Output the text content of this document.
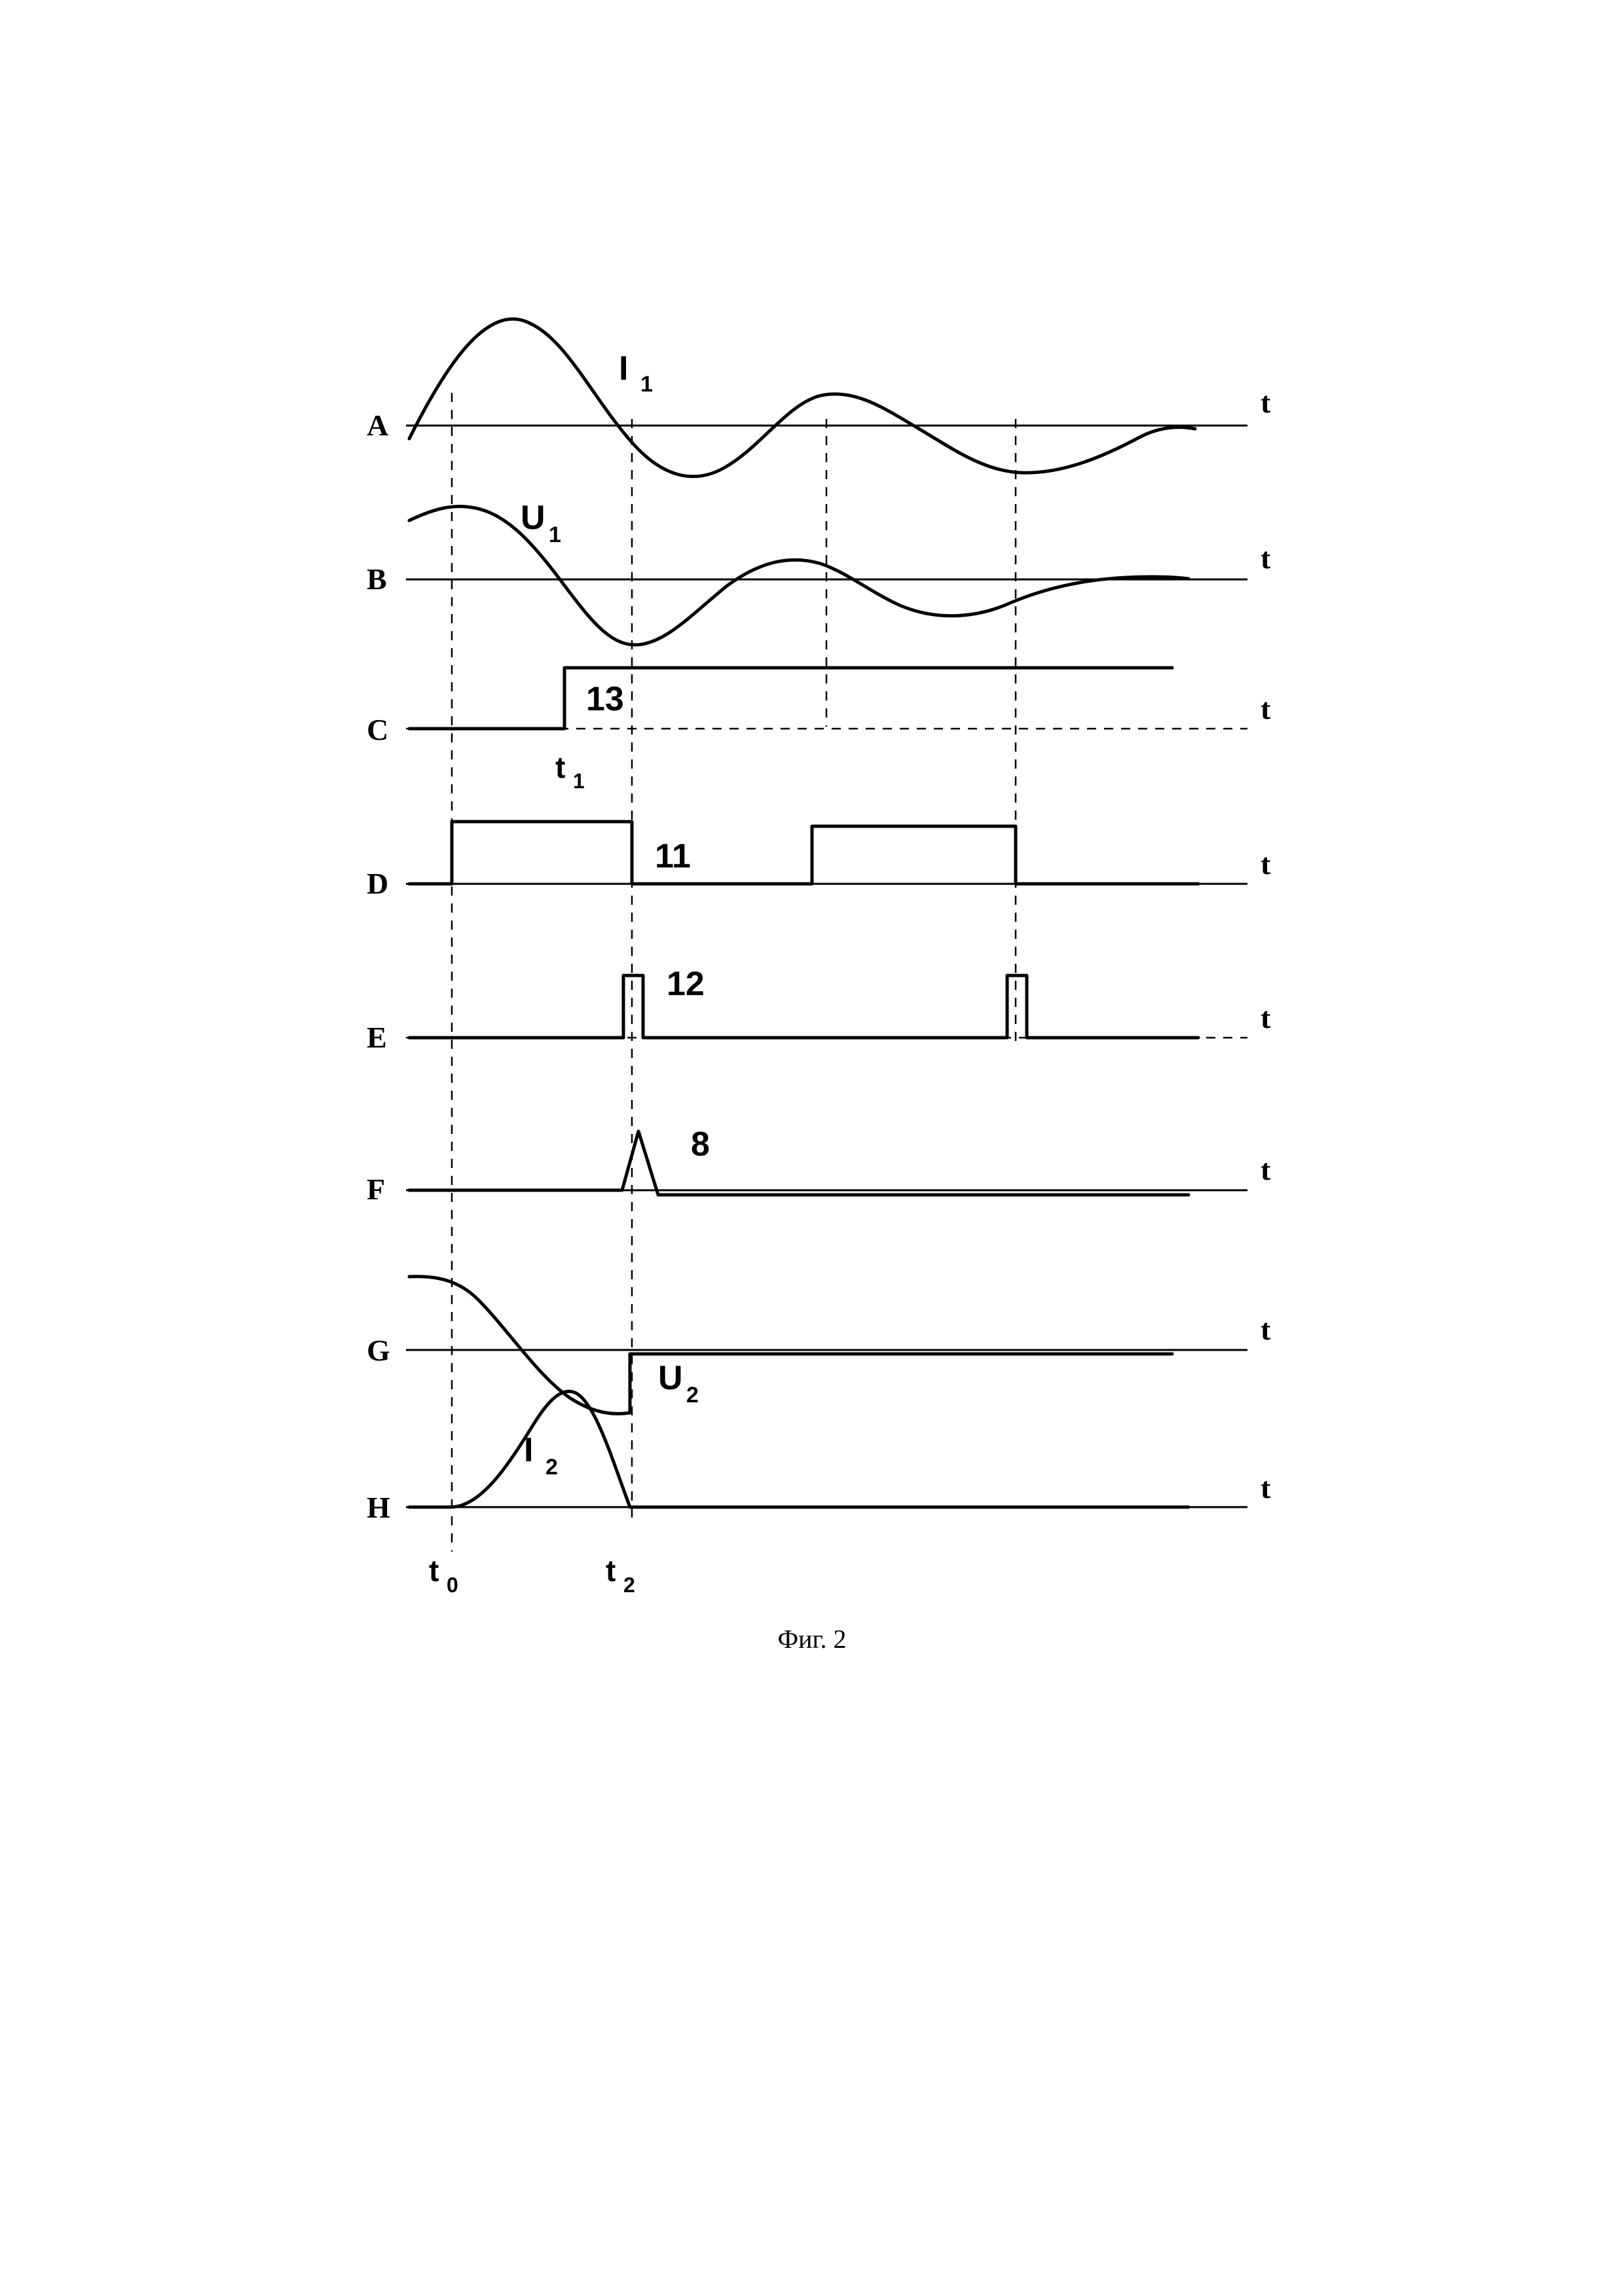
A
t
I 1
B
t
U 1
C
t
13
t 1
D
t
11
E
t
12
F
t
8
G
t
U 2
H
t
I 2
t 0	t 2
Фиг. 2
